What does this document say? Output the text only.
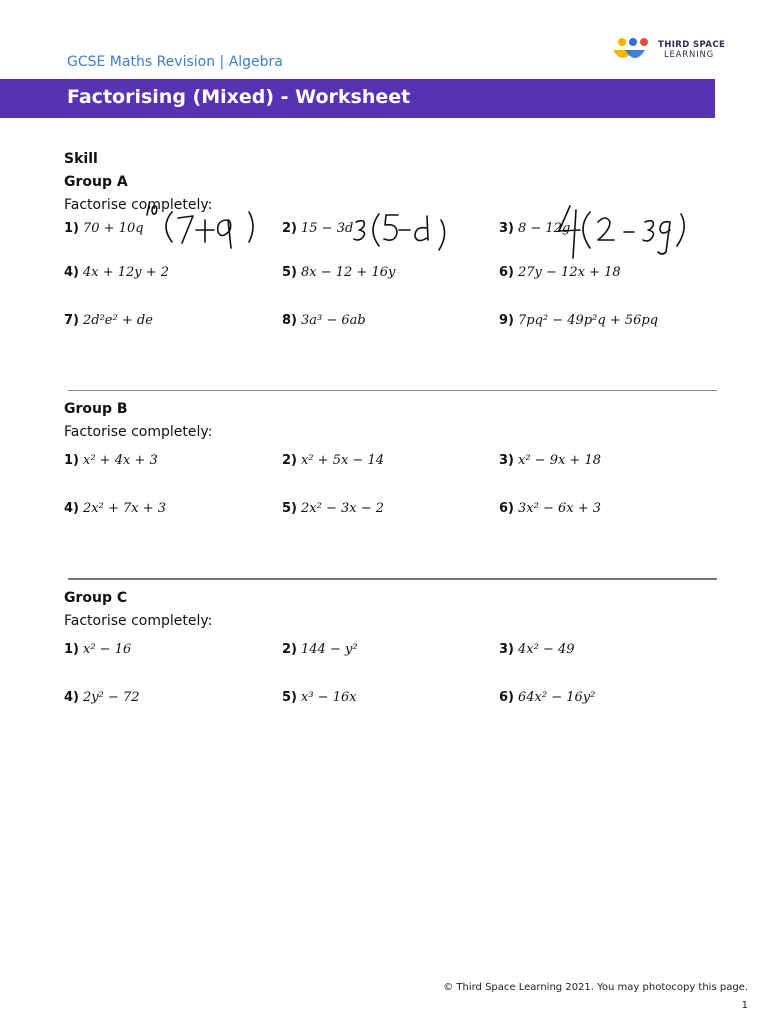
GCSE Maths Revision | Algebra
THIRD SPACE
LEARNING
Factorising (Mixed) - Worksheet
Skill
Group A
Factorise completely:
1) 70 + 10q	2) 15 − 3d	3) 8 − 12g
4) 4x + 12y + 2	5) 8x − 12 + 16y	6) 27y − 12x + 18
7) 2d²e² + de	8) 3a³ − 6ab	9) 7pq² − 49p²q + 56pq
Group B
Factorise completely:
1) x² + 4x + 3	2) x² + 5x − 14	3) x² − 9x + 18
4) 2x² + 7x + 3	5) 2x² − 3x − 2	6) 3x² − 6x + 3
Group C
Factorise completely:
1) x² − 16	2) 144 − y²	3) 4x² − 49
4) 2y² − 72	5) x³ − 16x	6) 64x² − 16y²
© Third Space Learning 2021. You may photocopy this page.
1
